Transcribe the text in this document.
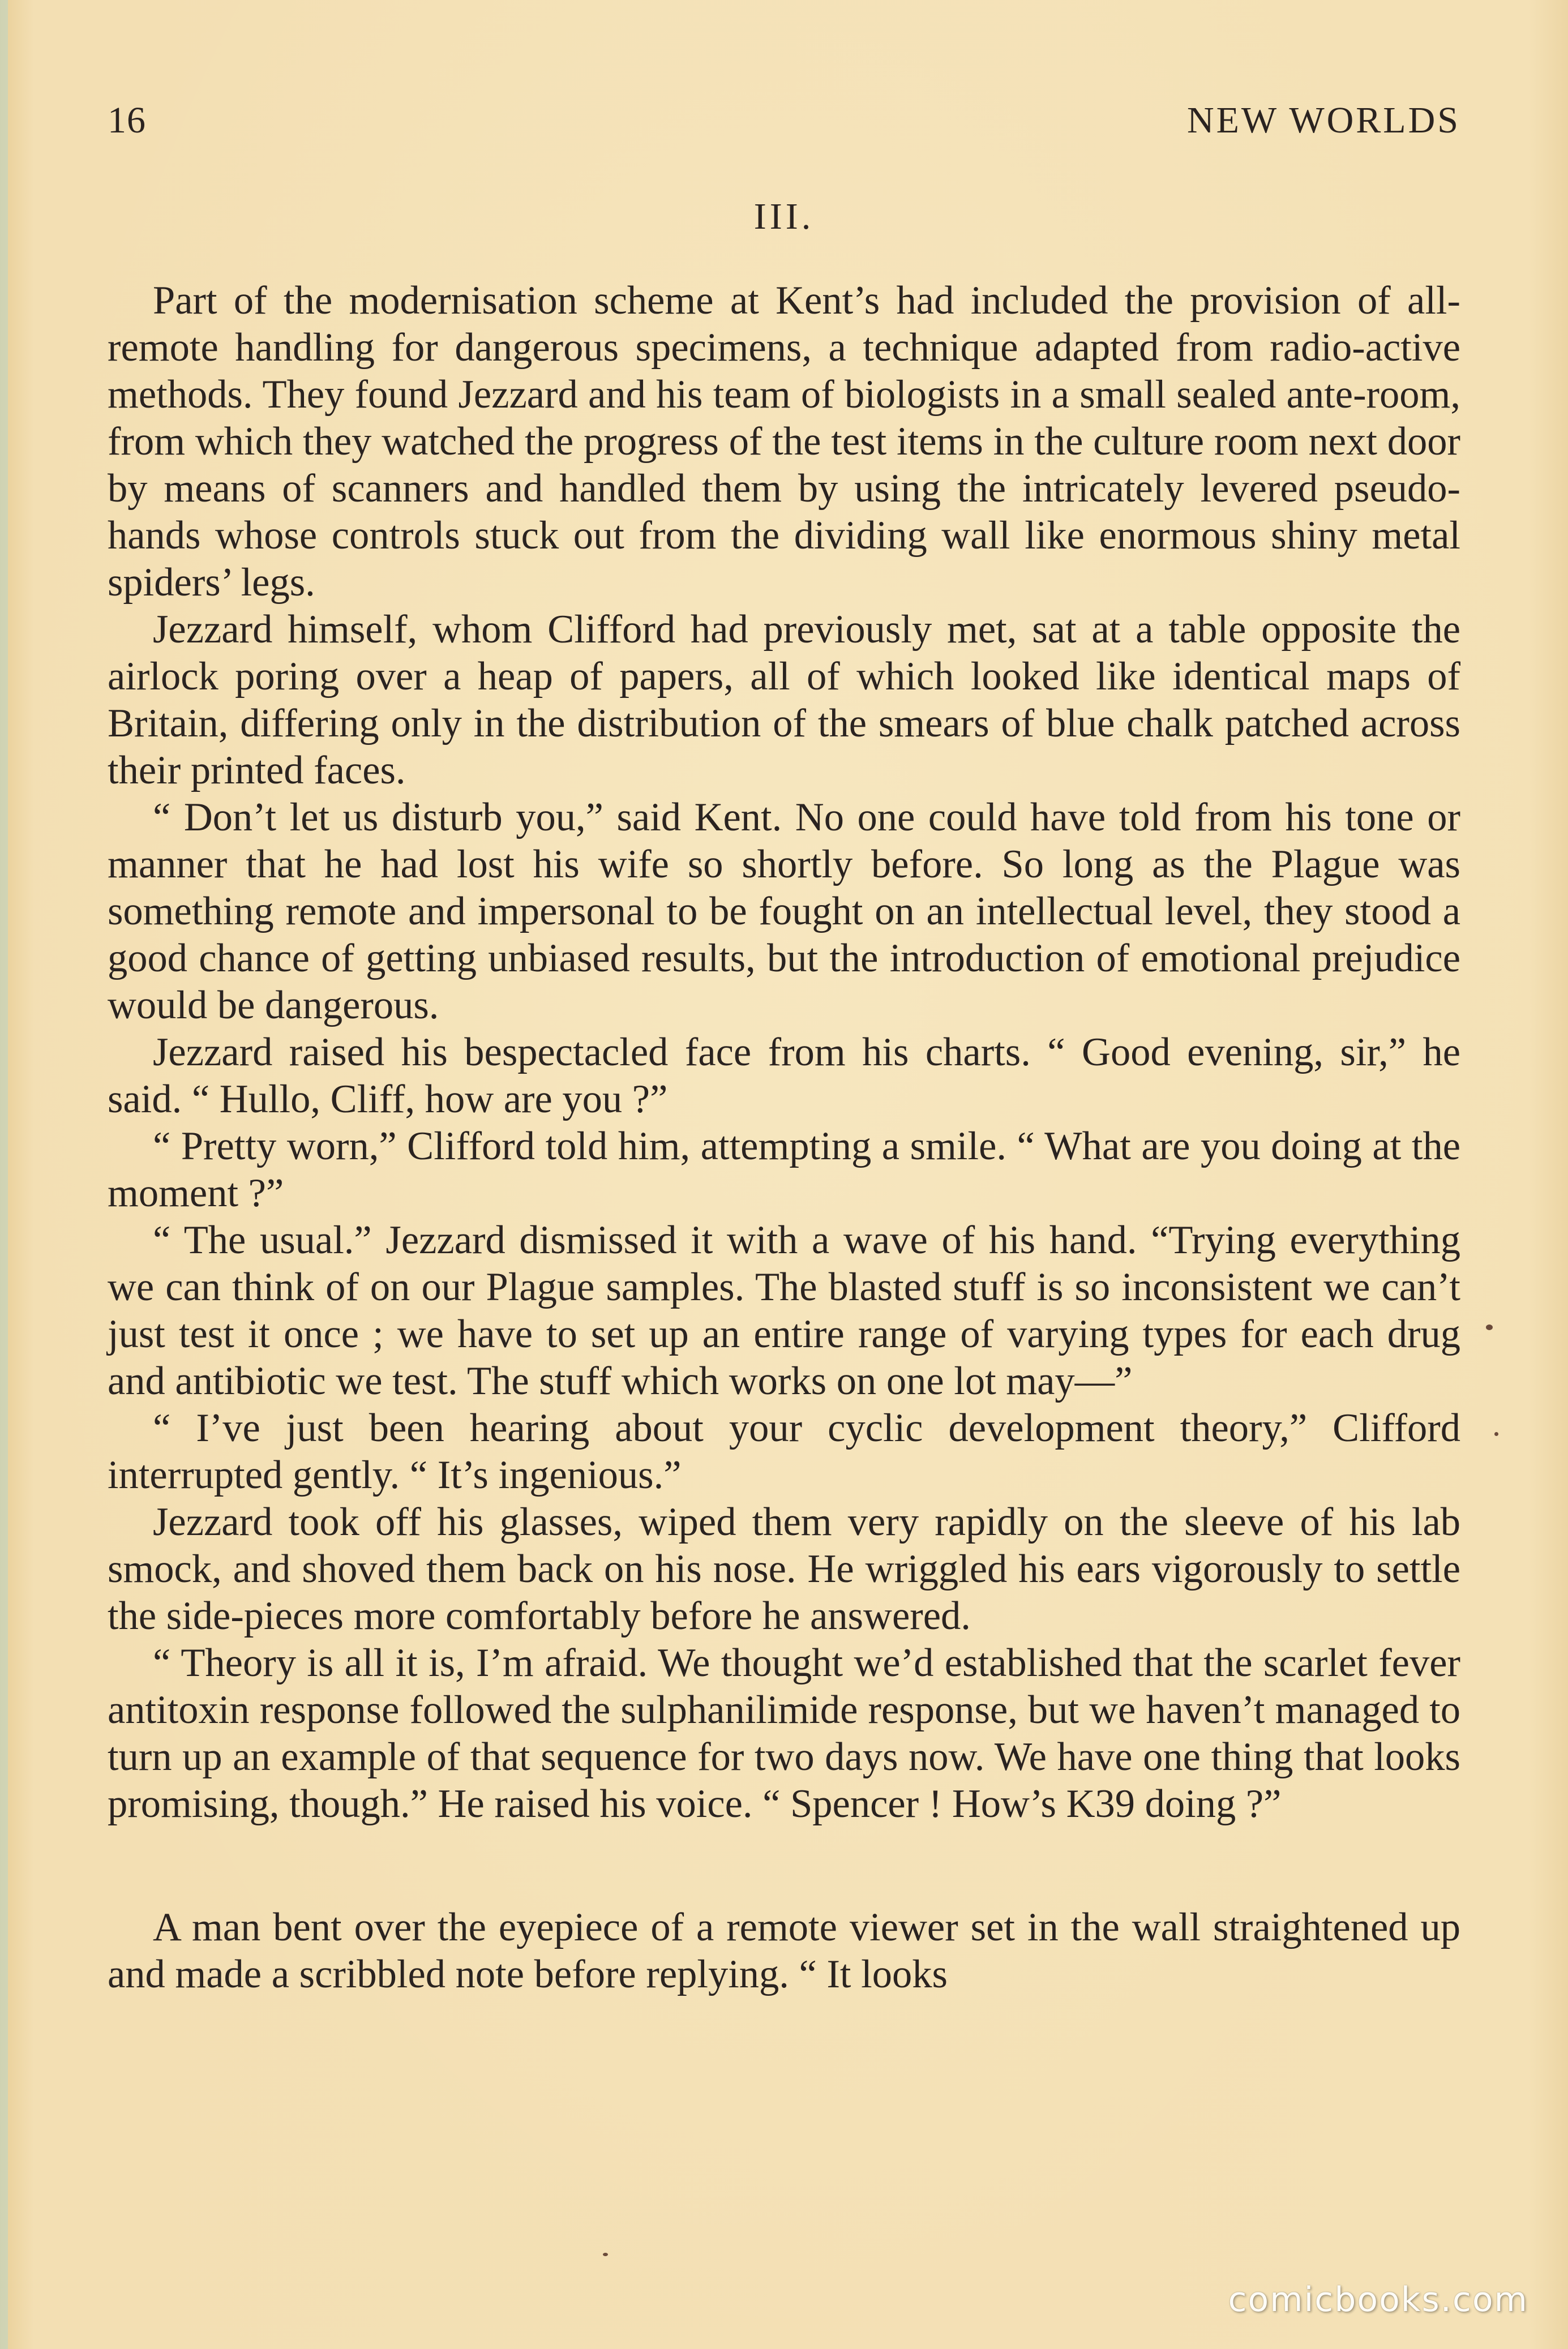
16	NEW WORLDS
III.

Part of the modernisation scheme at Kent’s had included the provision of all-remote handling for dangerous specimens, a technique adapted from radio-active methods. They found Jezzard and his team of biologists in a small sealed ante-room, from which they watched the progress of the test items in the culture room next door by means of scanners and handled them by using the intricately levered pseudo-hands whose controls stuck out from the dividing wall like enormous shiny metal spiders’ legs.

Jezzard himself, whom Clifford had previously met, sat at a table opposite the airlock poring over a heap of papers, all of which looked like identical maps of Britain, differing only in the distribution of the smears of blue chalk patched across their printed faces.

“ Don’t let us disturb you,” said Kent. No one could have told from his tone or manner that he had lost his wife so shortly before. So long as the Plague was something remote and impersonal to be fought on an intellectual level, they stood a good chance of getting unbiased results, but the introduction of emotional prejudice would be dangerous.

Jezzard raised his bespectacled face from his charts. “ Good evening, sir,” he said. “ Hullo, Cliff, how are you ?”

“ Pretty worn,” Clifford told him, attempting a smile. “ What are you doing at the moment ?”

“ The usual.” Jezzard dismissed it with a wave of his hand. “Trying everything we can think of on our Plague samples. The blasted stuff is so inconsistent we can’t just test it once ; we have to set up an entire range of varying types for each drug and antibiotic we test. The stuff which works on one lot may—”

“ I’ve just been hearing about your cyclic development theory,” Clifford interrupted gently. “ It’s ingenious.”

Jezzard took off his glasses, wiped them very rapidly on the sleeve of his lab smock, and shoved them back on his nose. He wriggled his ears vigorously to settle the side-pieces more comfortably before he answered.

“ Theory is all it is, I’m afraid. We thought we’d established that the scarlet fever antitoxin response followed the sulphanilimide response, but we haven’t managed to turn up an example of that sequence for two days now. We have one thing that looks promising, though.” He raised his voice. “ Spencer ! How’s K39 doing ?”

A man bent over the eyepiece of a remote viewer set in the wall straightened up and made a scribbled note before replying. “ It looks

comicbooks.com
